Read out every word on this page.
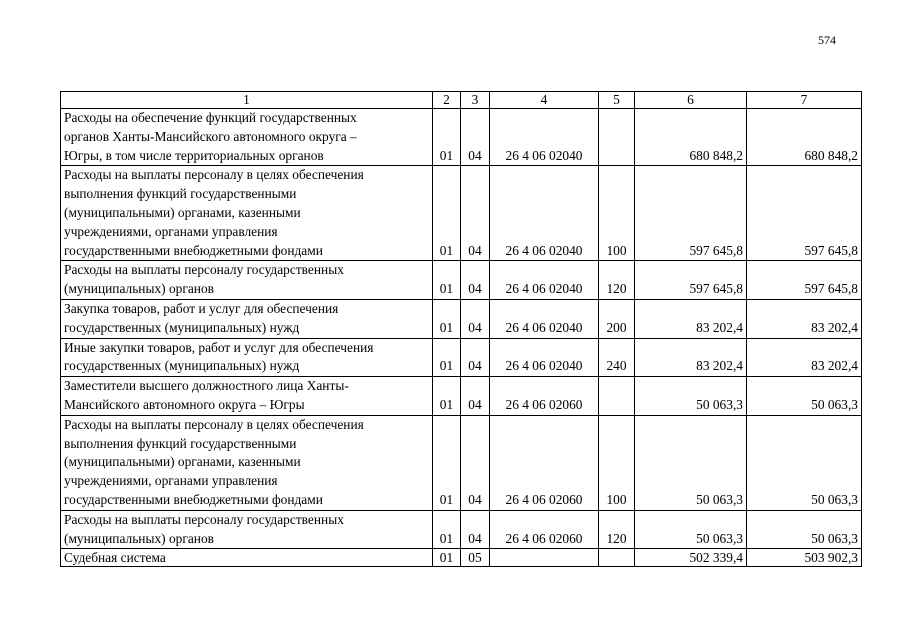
574
1	2	3	4	5	6	7
Расходы на обеспечение функций государственных
органов Ханты-Мансийского автономного округа –
Югры, в том числе территориальных органов	01	04	26 4 06 02040		680 848,2	680 848,2
Расходы на выплаты персоналу в целях обеспечения
выполнения функций государственными
(муниципальными) органами, казенными
учреждениями, органами управления
государственными внебюджетными фондами	01	04	26 4 06 02040	100	597 645,8	597 645,8
Расходы на выплаты персоналу государственных
(муниципальных) органов	01	04	26 4 06 02040	120	597 645,8	597 645,8
Закупка товаров, работ и услуг для обеспечения
государственных (муниципальных) нужд	01	04	26 4 06 02040	200	83 202,4	83 202,4
Иные закупки товаров, работ и услуг для обеспечения
государственных (муниципальных) нужд	01	04	26 4 06 02040	240	83 202,4	83 202,4
Заместители высшего должностного лица Ханты-
Мансийского автономного округа – Югры	01	04	26 4 06 02060		50 063,3	50 063,3
Расходы на выплаты персоналу в целях обеспечения
выполнения функций государственными
(муниципальными) органами, казенными
учреждениями, органами управления
государственными внебюджетными фондами	01	04	26 4 06 02060	100	50 063,3	50 063,3
Расходы на выплаты персоналу государственных
(муниципальных) органов	01	04	26 4 06 02060	120	50 063,3	50 063,3
Судебная система	01	05			502 339,4	503 902,3
